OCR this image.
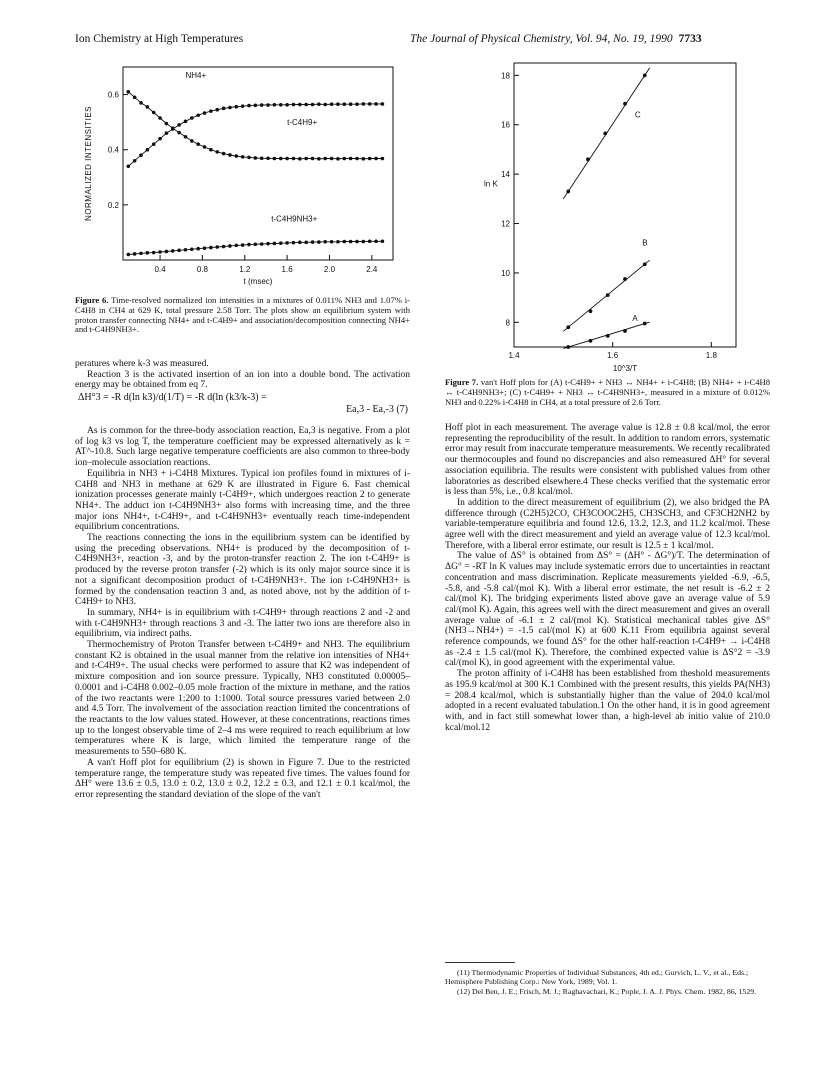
Ion Chemistry at High Temperatures	The Journal of Physical Chemistry, Vol. 94, No. 19, 1990 7733
0.4	0.8	1.2	1.6	2.0	2.4
0.2
0.4
0.6
t (msec)
NORMALIZED INTENSITIES
NH4+
t-C4H9+
t-C4H9NH3+
Figure 6. Time-resolved normalized ion intensities in a mixtures of 0.011% NH3 and 1.07% i-C4H8 in CH4 at 629 K, total pressure 2.58 Torr. The plots show an equilibrium system with proton transfer connecting NH4+ and t-C4H9+ and association/decomposition connecting NH4+ and t-C4H9NH3+.

peratures where k-3 was measured.

Reaction 3 is the activated insertion of an ion into a double bond. The activation energy may be obtained from eq 7.

ΔH°3 = -R d(ln k3)/d(1/T) = -R d(ln (k3/k-3) =
Ea,3 - Ea,-3 (7)

As is common for the three-body association reaction, Ea,3 is negative. From a plot of log k3 vs log T, the temperature coefficient may be expressed alternatively as k = AT^-10.8. Such large negative temperature coefficients are also common to three-body ion–molecule association reactions.

Equilibria in NH3 + i-C4H8 Mixtures. Typical ion profiles found in mixtures of i-C4H8 and NH3 in methane at 629 K are illustrated in Figure 6. Fast chemical ionization processes generate mainly t-C4H9+, which undergoes reaction 2 to generate NH4+. The adduct ion t-C4H9NH3+ also forms with increasing time, and the three major ions NH4+, t-C4H9+, and t-C4H9NH3+ eventually reach time-independent equilibrium concentrations.

The reactions connecting the ions in the equilibrium system can be identified by using the preceding observations. NH4+ is produced by the decomposition of t-C4H9NH3+, reaction -3, and by the proton-transfer reaction 2. The ion t-C4H9+ is produced by the reverse proton transfer (-2) which is its only major source since it is not a significant decomposition product of t-C4H9NH3+. The ion t-C4H9NH3+ is formed by the condensation reaction 3 and, as noted above, not by the addition of t-C4H9+ to NH3.

In summary, NH4+ is in equilibrium with t-C4H9+ through reactions 2 and -2 and with t-C4H9NH3+ through reactions 3 and -3. The latter two ions are therefore also in equilibrium, via indirect paths.

Thermochemistry of Proton Transfer between t-C4H9+ and NH3. The equilibrium constant K2 is obtained in the usual manner from the relative ion intensities of NH4+ and t-C4H9+. The usual checks were performed to assure that K2 was independent of mixture composition and ion source pressure. Typically, NH3 constituted 0.00005–0.0001 and i-C4H8 0.002–0.05 mole fraction of the mixture in methane, and the ratios of the two reactants were 1:200 to 1:1000. Total source pressures varied between 2.0 and 4.5 Torr. The involvement of the association reaction limited the concentrations of the reactants to the low values stated. However, at these concentrations, reactions times up to the longest observable time of 2–4 ms were required to reach equilibrium at low temperatures where K is large, which limited the temperature range of the measurements to 550–680 K.

A van't Hoff plot for equilibrium (2) is shown in Figure 7. Due to the restricted temperature range, the temperature study was repeated five times. The values found for ΔH° were 13.6 ± 0.5, 13.0 ± 0.2, 13.0 ± 0.2, 12.2 ± 0.3, and 12.1 ± 0.1 kcal/mol, the error representing the standard deviation of the slope of the van't

1.4	1.6	1.8
8
10
12
14
16
18
10^3/T
ln K
A
B
C
Figure 7. van't Hoff plots for (A) t-C4H9+ + NH3 ↔ NH4+ + i-C4H8; (B) NH4+ + i-C4H8 ↔ t-C4H9NH3+; (C) t-C4H9+ + NH3 ↔ t-C4H9NH3+, measured in a mixture of 0.012% NH3 and 0.22% i-C4H8 in CH4, at a total pressure of 2.6 Torr.

Hoff plot in each measurement. The average value is 12.8 ± 0.8 kcal/mol, the error representing the reproducibility of the result. In addition to random errors, systematic error may result from inaccurate temperature measurements. We recently recalibrated our thermocouples and found no discrepancies and also remeasured ΔH° for several association equilibria. The results were consistent with published values from other laboratories as described elsewhere.4 These checks verified that the systematic error is less than 5%, i.e., 0.8 kcal/mol.

In addition to the direct measurement of equilibrium (2), we also bridged the PA difference through (C2H5)2CO, CH3COOC2H5, CH3SCH3, and CF3CH2NH2 by variable-temperature equilibria and found 12.6, 13.2, 12.3, and 11.2 kcal/mol. These agree well with the direct measurement and yield an average value of 12.3 kcal/mol. Therefore, with a liberal error estimate, our result is 12.5 ± 1 kcal/mol.

The value of ΔS° is obtained from ΔS° = (ΔH° - ΔG°)/T. The determination of ΔG° = -RT ln K values may include systematic errors due to uncertainties in reactant concentration and mass discrimination. Replicate measurements yielded -6.9, -6.5, -5.8, and -5.8 cal/(mol K). With a liberal error estimate, the net result is -6.2 ± 2 cal/(mol K). The bridging experiments listed above gave an average value of 5.9 cal/(mol K). Again, this agrees well with the direct measurement and gives an overall average value of -6.1 ± 2 cal/(mol K). Statistical mechanical tables give ΔS°(NH3→NH4+) = -1.5 cal/(mol K) at 600 K.11 From equilibria against several reference compounds, we found ΔS° for the other half-reaction t-C4H9+ → i-C4H8 as -2.4 ± 1.5 cal/(mol K). Therefore, the combined expected value is ΔS°2 = -3.9 cal/(mol K), in good agreement with the experimental value.

The proton affinity of i-C4H8 has been established from theshold measurements as 195.9 kcal/mol at 300 K.1 Combined with the present results, this yields PA(NH3) = 208.4 kcal/mol, which is substantially higher than the value of 204.0 kcal/mol adopted in a recent evaluated tabulation.1 On the other hand, it is in good agreement with, and in fact still somewhat lower than, a high-level ab initio value of 210.0 kcal/mol.12

(11) Thermodynamic Properties of Individual Substances, 4th ed.; Gurvich, L. V., et al., Eds.; Hemisphere Publishing Corp.: New York, 1989; Vol. 1.
(12) Del Ben, J. E.; Frisch, M. J.; Raghavachari, K.; Pople, J. A. J. Phys. Chem. 1982, 86, 1529.
